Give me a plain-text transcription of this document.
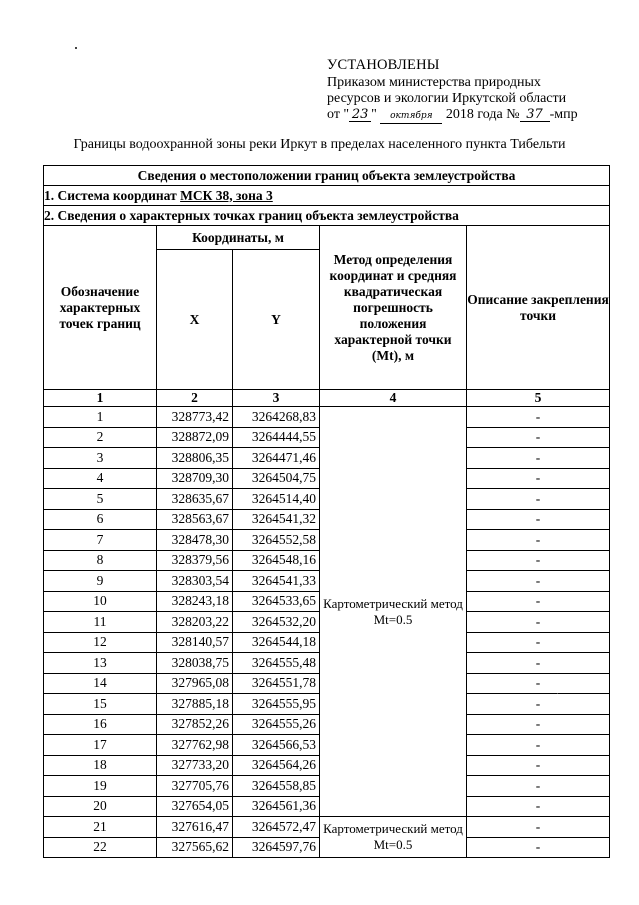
УСТАНОВЛЕНЫ
Приказом министерства природных
ресурсов и экологии Иркутской области
от " 23 " октября 2018 года № 37 -мпр
Границы водоохранной зоны реки Иркут в пределах населенного пункта Тибельти
Сведения о местоположении границ объекта землеустройства				
1. Система координат МСК 38, зона 3				
2. Сведения о характерных точках границ объекта землеустройства				
Обозначение характерных точек границ	Координаты, м		Метод определения координат и средняя квадратическая погрешность положения характерной точки (Mt), м	Описание закрепления точки
	X	Y		
1	2	3	4	5
1	328773,42	3264268,83	Картометрический метод Mt=0.5	-
2	328872,09	3264444,55		-
3	328806,35	3264471,46		-
4	328709,30	3264504,75		-
5	328635,67	3264514,40		-
6	328563,67	3264541,32		-
7	328478,30	3264552,58		-
8	328379,56	3264548,16		-
9	328303,54	3264541,33		-
10	328243,18	3264533,65		-
11	328203,22	3264532,20		-
12	328140,57	3264544,18		-
13	328038,75	3264555,48		-
14	327965,08	3264551,78		-
15	327885,18	3264555,95		-
16	327852,26	3264555,26		-
17	327762,98	3264566,53		-
18	327733,20	3264564,26		-
19	327705,76	3264558,85		-
20	327654,05	3264561,36		-
21	327616,47	3264572,47	Картометрический метод Mt=0.5	-
22	327565,62	3264597,76		-
